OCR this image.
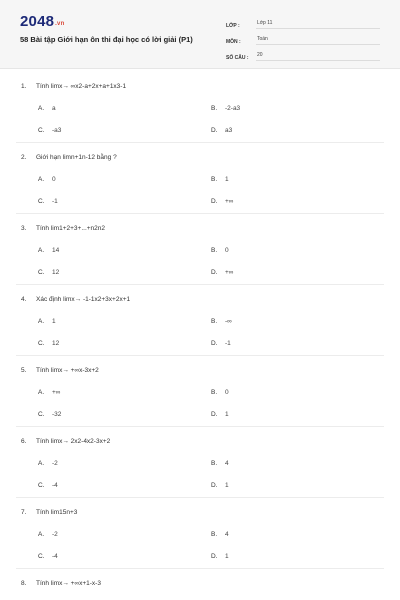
2048.vn
58 Bài tập Giới hạn ôn thi đại học có lời giải (P1)
LỚP :	Lớp 11
MÔN :	Toán
SỐ CÂU :	20
1. Tính limx→ ∞x2-a+2x+a+1x3-1
A. a	B. -2-a3
C. -a3	D. a3
2. Giới hạn limn+1n-12 bằng ?
A. 0	B. 1
C. -1	D. +∞
3. Tính lim1+2+3+...+n2n2
A. 14	B. 0
C. 12	D. +∞
4. Xác định limx→ -1-1x2+3x+2x+1
A. 1	B. -∞
C. 12	D. -1
5. Tính limx→ +∞x-3x+2
A. +∞	B. 0
C. -32	D. 1
6. Tính limx→ 2x2-4x2-3x+2
A. -2	B. 4
C. -4	D. 1
7. Tính lim15n+3
A. -2	B. 4
C. -4	D. 1
8. Tính limx→ +∞x+1-x-3
